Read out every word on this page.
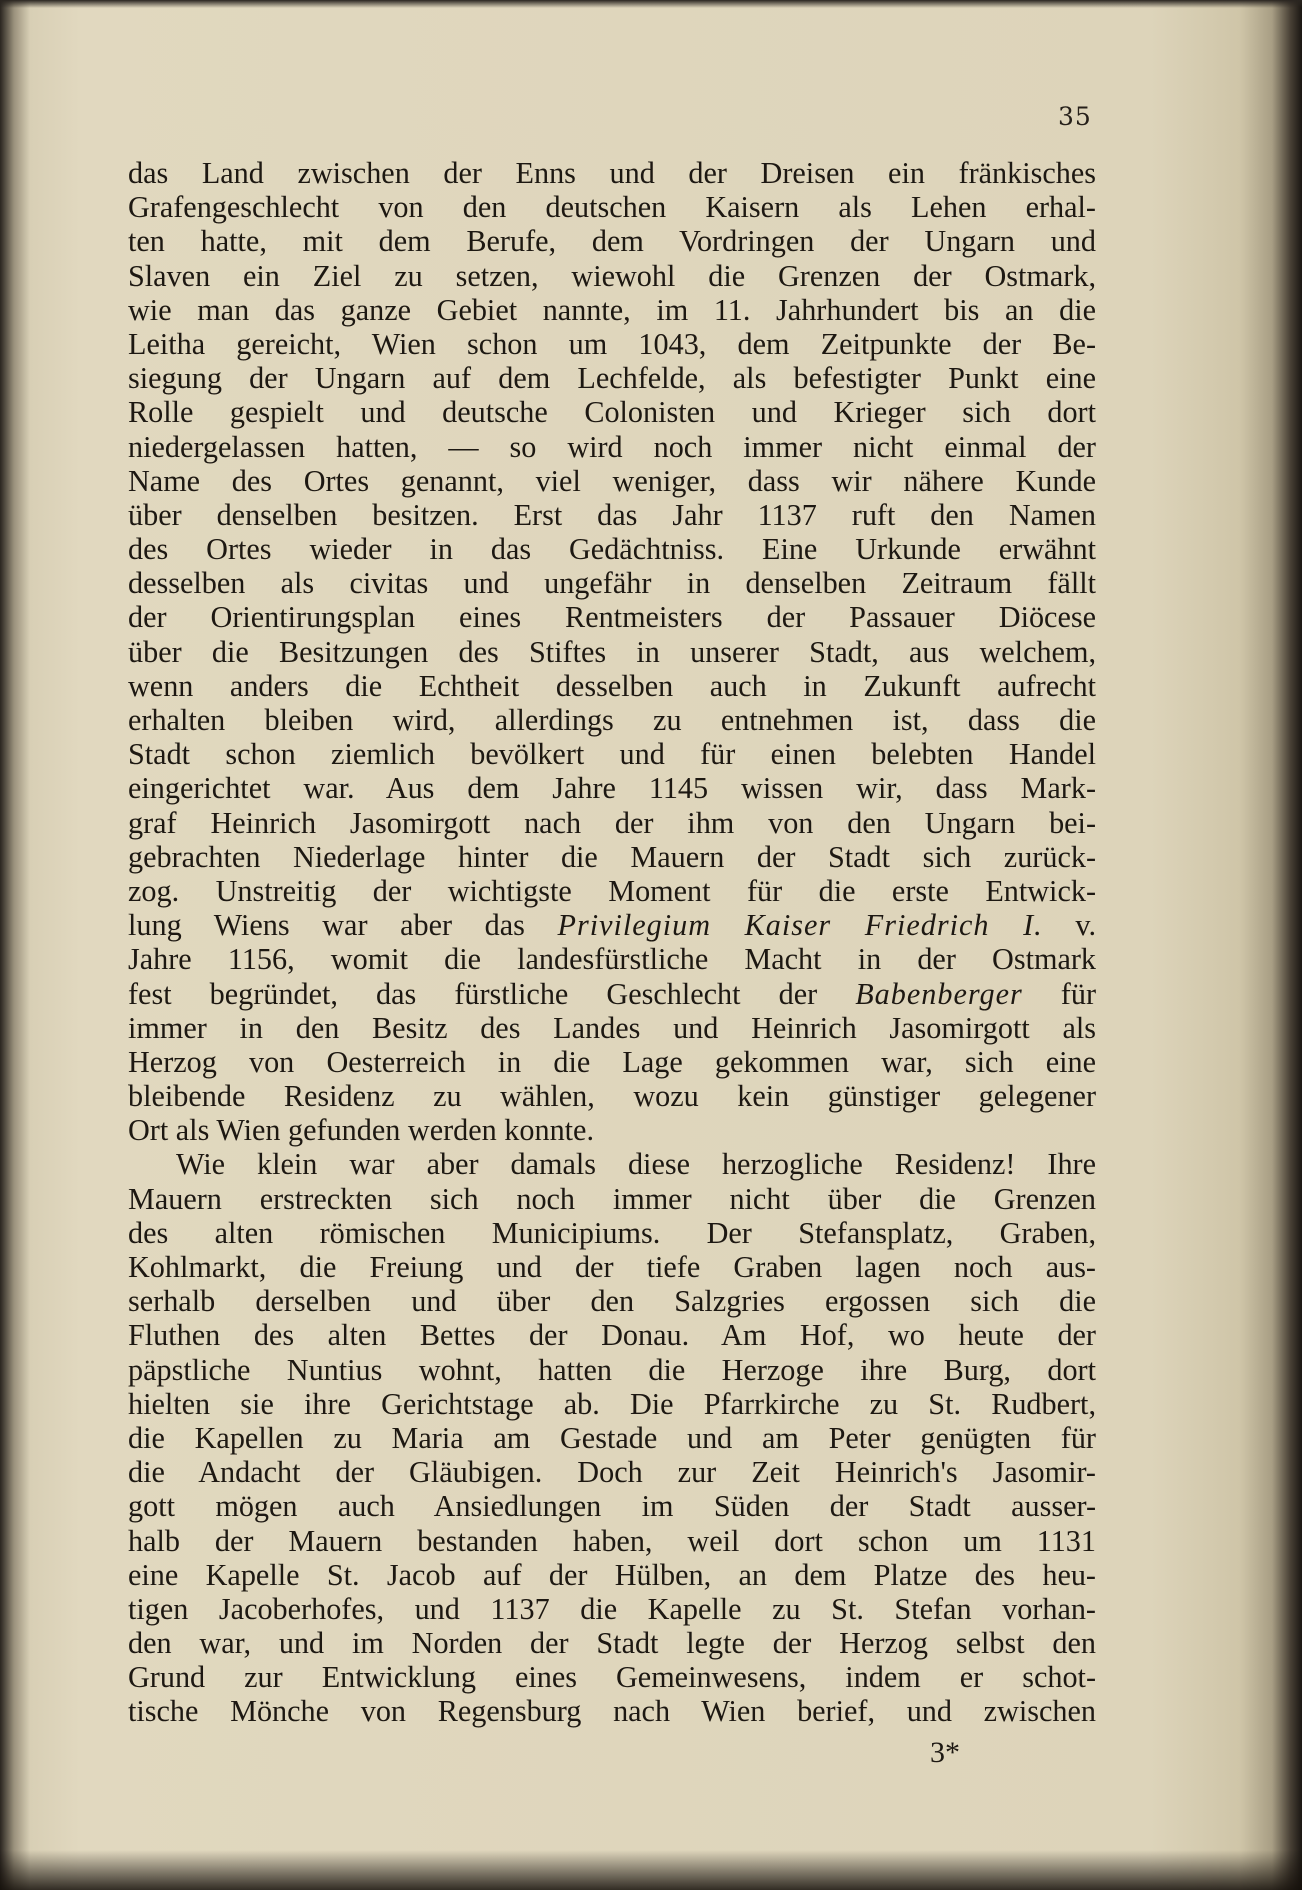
35
das Land zwischen der Enns und der Dreisen ein fränkisches
Grafengeschlecht von den deutschen Kaisern als Lehen erhal-
ten hatte, mit dem Berufe, dem Vordringen der Ungarn und
Slaven ein Ziel zu setzen, wiewohl die Grenzen der Ostmark,
wie man das ganze Gebiet nannte, im 11. Jahrhundert bis an die
Leitha gereicht, Wien schon um 1043, dem Zeitpunkte der Be-
siegung der Ungarn auf dem Lechfelde, als befestigter Punkt eine
Rolle gespielt und deutsche Colonisten und Krieger sich dort
niedergelassen hatten, — so wird noch immer nicht einmal der
Name des Ortes genannt, viel weniger, dass wir nähere Kunde
über denselben besitzen. Erst das Jahr 1137 ruft den Namen
des Ortes wieder in das Gedächtniss. Eine Urkunde erwähnt
desselben als civitas und ungefähr in denselben Zeitraum fällt
der Orientirungsplan eines Rentmeisters der Passauer Diöcese
über die Besitzungen des Stiftes in unserer Stadt, aus welchem,
wenn anders die Echtheit desselben auch in Zukunft aufrecht
erhalten bleiben wird, allerdings zu entnehmen ist, dass die
Stadt schon ziemlich bevölkert und für einen belebten Handel
eingerichtet war. Aus dem Jahre 1145 wissen wir, dass Mark-
graf Heinrich Jasomirgott nach der ihm von den Ungarn bei-
gebrachten Niederlage hinter die Mauern der Stadt sich zurück-
zog. Unstreitig der wichtigste Moment für die erste Entwick-
lung Wiens war aber das Privilegium Kaiser Friedrich I. v.
Jahre 1156, womit die landesfürstliche Macht in der Ostmark
fest begründet, das fürstliche Geschlecht der Babenberger für
immer in den Besitz des Landes und Heinrich Jasomirgott als
Herzog von Oesterreich in die Lage gekommen war, sich eine
bleibende Residenz zu wählen, wozu kein günstiger gelegener
Ort als Wien gefunden werden konnte.
Wie klein war aber damals diese herzogliche Residenz! Ihre
Mauern erstreckten sich noch immer nicht über die Grenzen
des alten römischen Municipiums. Der Stefansplatz, Graben,
Kohlmarkt, die Freiung und der tiefe Graben lagen noch aus-
serhalb derselben und über den Salzgries ergossen sich die
Fluthen des alten Bettes der Donau. Am Hof, wo heute der
päpstliche Nuntius wohnt, hatten die Herzoge ihre Burg, dort
hielten sie ihre Gerichtstage ab. Die Pfarrkirche zu St. Rudbert,
die Kapellen zu Maria am Gestade und am Peter genügten für
die Andacht der Gläubigen. Doch zur Zeit Heinrich's Jasomir-
gott mögen auch Ansiedlungen im Süden der Stadt ausser-
halb der Mauern bestanden haben, weil dort schon um 1131
eine Kapelle St. Jacob auf der Hülben, an dem Platze des heu-
tigen Jacoberhofes, und 1137 die Kapelle zu St. Stefan vorhan-
den war, und im Norden der Stadt legte der Herzog selbst den
Grund zur Entwicklung eines Gemeinwesens, indem er schot-
tische Mönche von Regensburg nach Wien berief, und zwischen
3*
